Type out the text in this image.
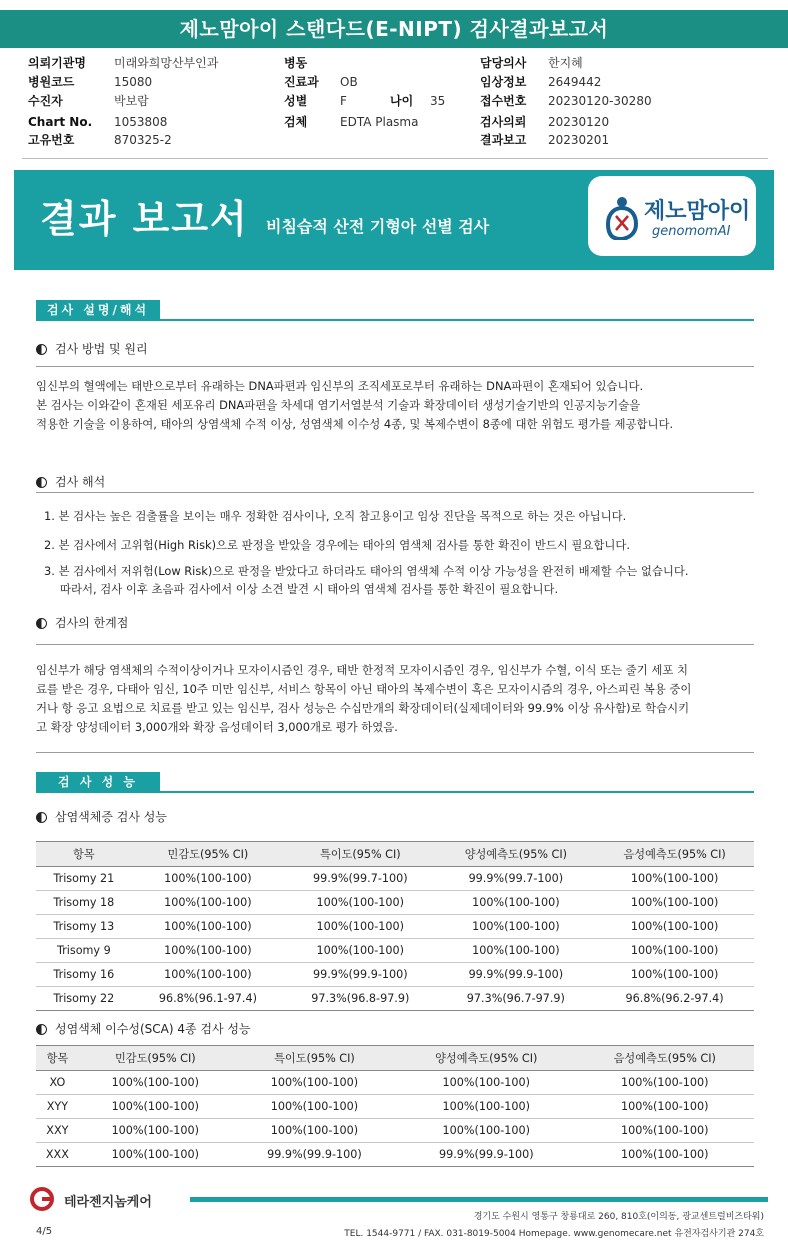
제노맘아이 스탠다드(E-NIPT) 검사결과보고서
의뢰기관명 미래와희망산부인과	병동	담당의사 한지혜
병원코드	15080	진료과 OB	임상정보 2649442
수진자	박보람	성별	F	나이 35	접수번호 20230120-30280
Chart No. 1053808	검체	EDTA Plasma	검사의뢰 20230120
고유번호	870325-2	결과보고 20230201
결과 보고서 비침습적 산전 기형아 선별 검사
제노맘아이
genomomAI
검사 설명/해석
검사 방법 및 원리

임신부의 혈액에는 태반으로부터 유래하는 DNA파편과 임신부의 조직세포로부터 유래하는 DNA파편이 혼재되어 있습니다.

본 검사는 이와같이 혼재된 세포유리 DNA파편을 차세대 염기서열분석 기술과 확장데이터 생성기술기반의 인공지능기술을

적용한 기술을 이용하여, 태아의 상염색체 수적 이상, 성염색체 이수성 4종, 및 복제수변이 8종에 대한 위험도 평가를 제공합니다.

검사 해석
1. 본 검사는 높은 검출률을 보이는 매우 정확한 검사이나, 오직 참고용이고 임상 진단을 목적으로 하는 것은 아닙니다.
2. 본 검사에서 고위험(High Risk)으로 판정을 받았을 경우에는 태아의 염색체 검사를 통한 확진이 반드시 필요합니다.
3. 본 검사에서 저위험(Low Risk)으로 판정을 받았다고 하더라도 태아의 염색체 수적 이상 가능성을 완전히 배제할 수는 없습니다.
따라서, 검사 이후 초음파 검사에서 이상 소견 발견 시 태아의 염색체 검사를 통한 확진이 필요합니다.
검사의 한계점

임신부가 해당 염색체의 수적이상이거나 모자이시즘인 경우, 태반 한정적 모자이시즘인 경우, 임신부가 수혈, 이식 또는 줄기 세포 치

료를 받은 경우, 다태아 임신, 10주 미만 임신부, 서비스 항목이 아닌 태아의 복제수변이 혹은 모자이시즘의 경우, 아스피린 복용 중이

거나 항 응고 요법으로 치료를 받고 있는 임신부, 검사 성능은 수십만개의 확장데이터(실제데이터와 99.9% 이상 유사함)로 학습시키

고 확장 양성데이터 3,000개와 확장 음성데이터 3,000개로 평가 하였음.

검 사 성 능
삼염색체증 검사 성능
항목	민감도(95% CI)	특이도(95% CI)	양성예측도(95% CI)	음성예측도(95% CI)
Trisomy 21	100%(100-100)	99.9%(99.7-100)	99.9%(99.7-100)	100%(100-100)
Trisomy 18	100%(100-100)	100%(100-100)	100%(100-100)	100%(100-100)
Trisomy 13	100%(100-100)	100%(100-100)	100%(100-100)	100%(100-100)
Trisomy 9	100%(100-100)	100%(100-100)	100%(100-100)	100%(100-100)
Trisomy 16	100%(100-100)	99.9%(99.9-100)	99.9%(99.9-100)	100%(100-100)
Trisomy 22	96.8%(96.1-97.4)	97.3%(96.8-97.9)	97.3%(96.7-97.9)	96.8%(96.2-97.4)
성염색체 이수성(SCA) 4종 검사 성능
항목	민감도(95% CI)	특이도(95% CI)	양성예측도(95% CI)	음성예측도(95% CI)
XO	100%(100-100)	100%(100-100)	100%(100-100)	100%(100-100)
XYY	100%(100-100)	100%(100-100)	100%(100-100)	100%(100-100)
XXY	100%(100-100)	100%(100-100)	100%(100-100)	100%(100-100)
XXX	100%(100-100)	99.9%(99.9-100)	99.9%(99.9-100)	100%(100-100)
테라젠지놈케어
경기도 수원시 영통구 창룡대로 260, 810호(이의동, 광교센트럴비즈타워)
TEL. 1544-9771 / FAX. 031-8019-5004 Homepage. www.genomecare.net 유전자검사기관 274호
4/5
